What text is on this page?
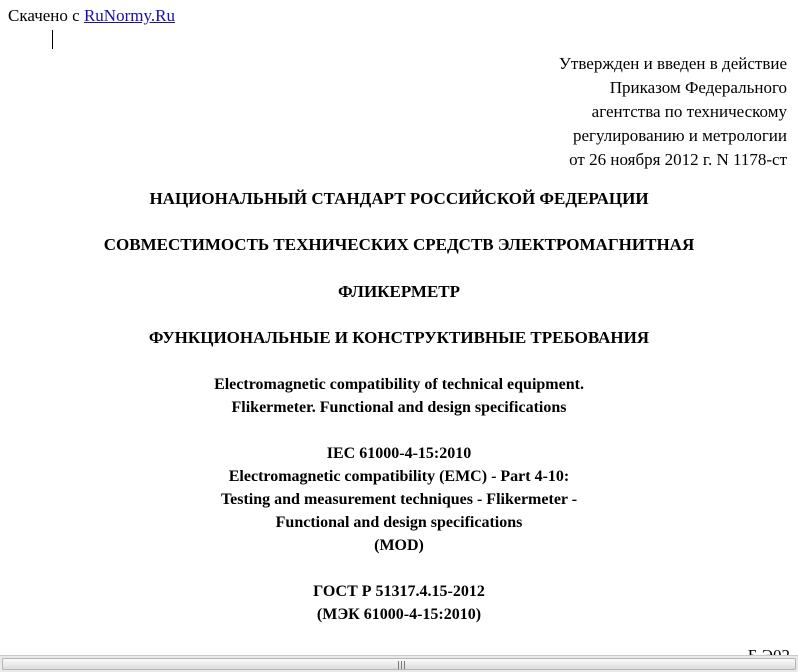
Скачено с RuNormy.Ru
Утвержден и введен в действие
Приказом Федерального
агентства по техническому
регулированию и метрологии
от 26 ноября 2012 г. N 1178-ст
НАЦИОНАЛЬНЫЙ СТАНДАРТ РОССИЙСКОЙ ФЕДЕРАЦИИ
СОВМЕСТИМОСТЬ ТЕХНИЧЕСКИХ СРЕДСТВ ЭЛЕКТРОМАГНИТНАЯ
ФЛИКЕРМЕТР
ФУНКЦИОНАЛЬНЫЕ И КОНСТРУКТИВНЫЕ ТРЕБОВАНИЯ
Electromagnetic compatibility of technical equipment.
Flikermeter. Functional and design specifications
IEC 61000-4-15:2010
Electromagnetic compatibility (EMC) - Part 4-10:
Testing and measurement techniques - Flikermeter -
Functional and design specifications
(MOD)
ГОСТ Р 51317.4.15-2012
(МЭК 61000-4-15:2010)
